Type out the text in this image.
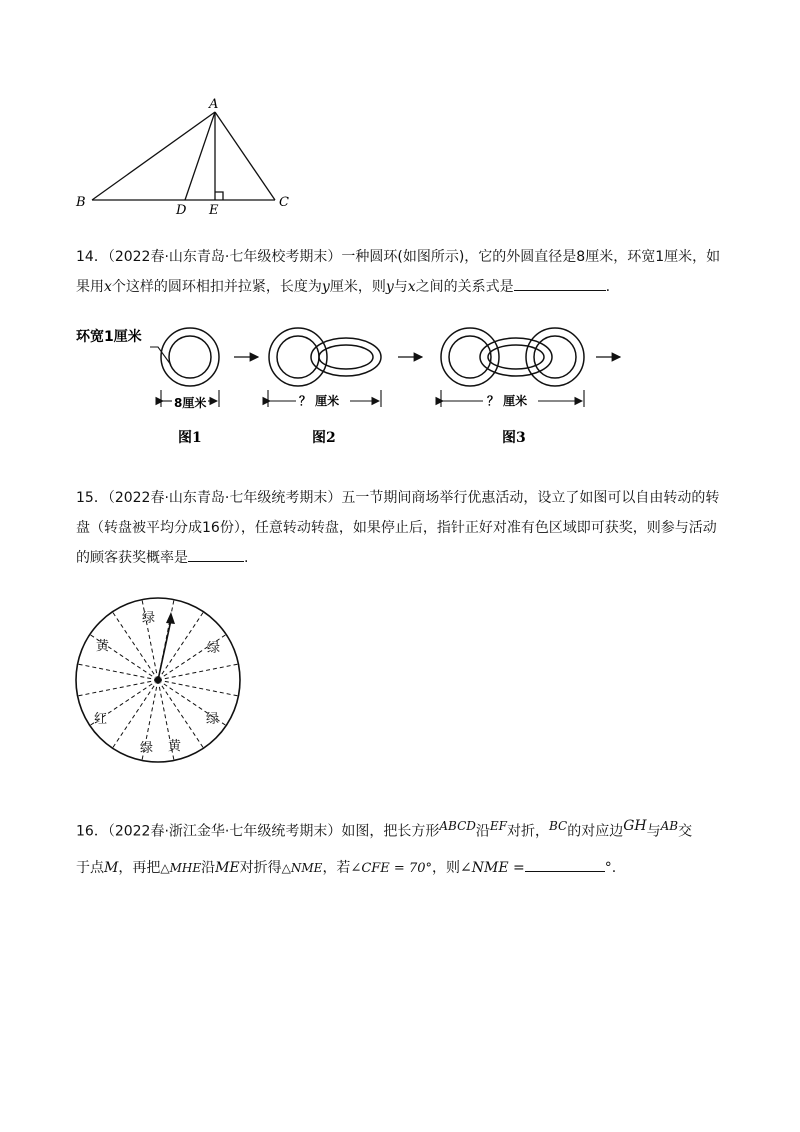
A
B	C
D E
14．（2022春·山东青岛·七年级校考期末）一种圆环(如图所示)，它的外圆直径是8厘米，环宽1厘米，如
果用x个这样的圆环相扣并拉紧，长度为y厘米，则y与x之间的关系式是	.
环宽1厘米
8厘米	？ 厘米	？ 厘米
图1	图2	图3
15．（2022春·山东青岛·七年级统考期末）五一节期间商场举行优惠活动，设立了如图可以自由转动的转
盘（转盘被平均分成16份），任意转动转盘，如果停止后，指针正好对准有色区域即可获奖，则参与活动
的顾客获奖概率是	.
绿
绿
绿
黄
绿
红
黄
16．（2022春·浙江金华·七年级统考期末）如图，把长方形$^{ABCD}$沿$^{EF}$对折，$^{BC}$的对应边$^{GH}$与$^{AB}$交
于点M，再把△MHE沿ME对折得△NME，若∠CFE = 70°，则∠NME =	°.
